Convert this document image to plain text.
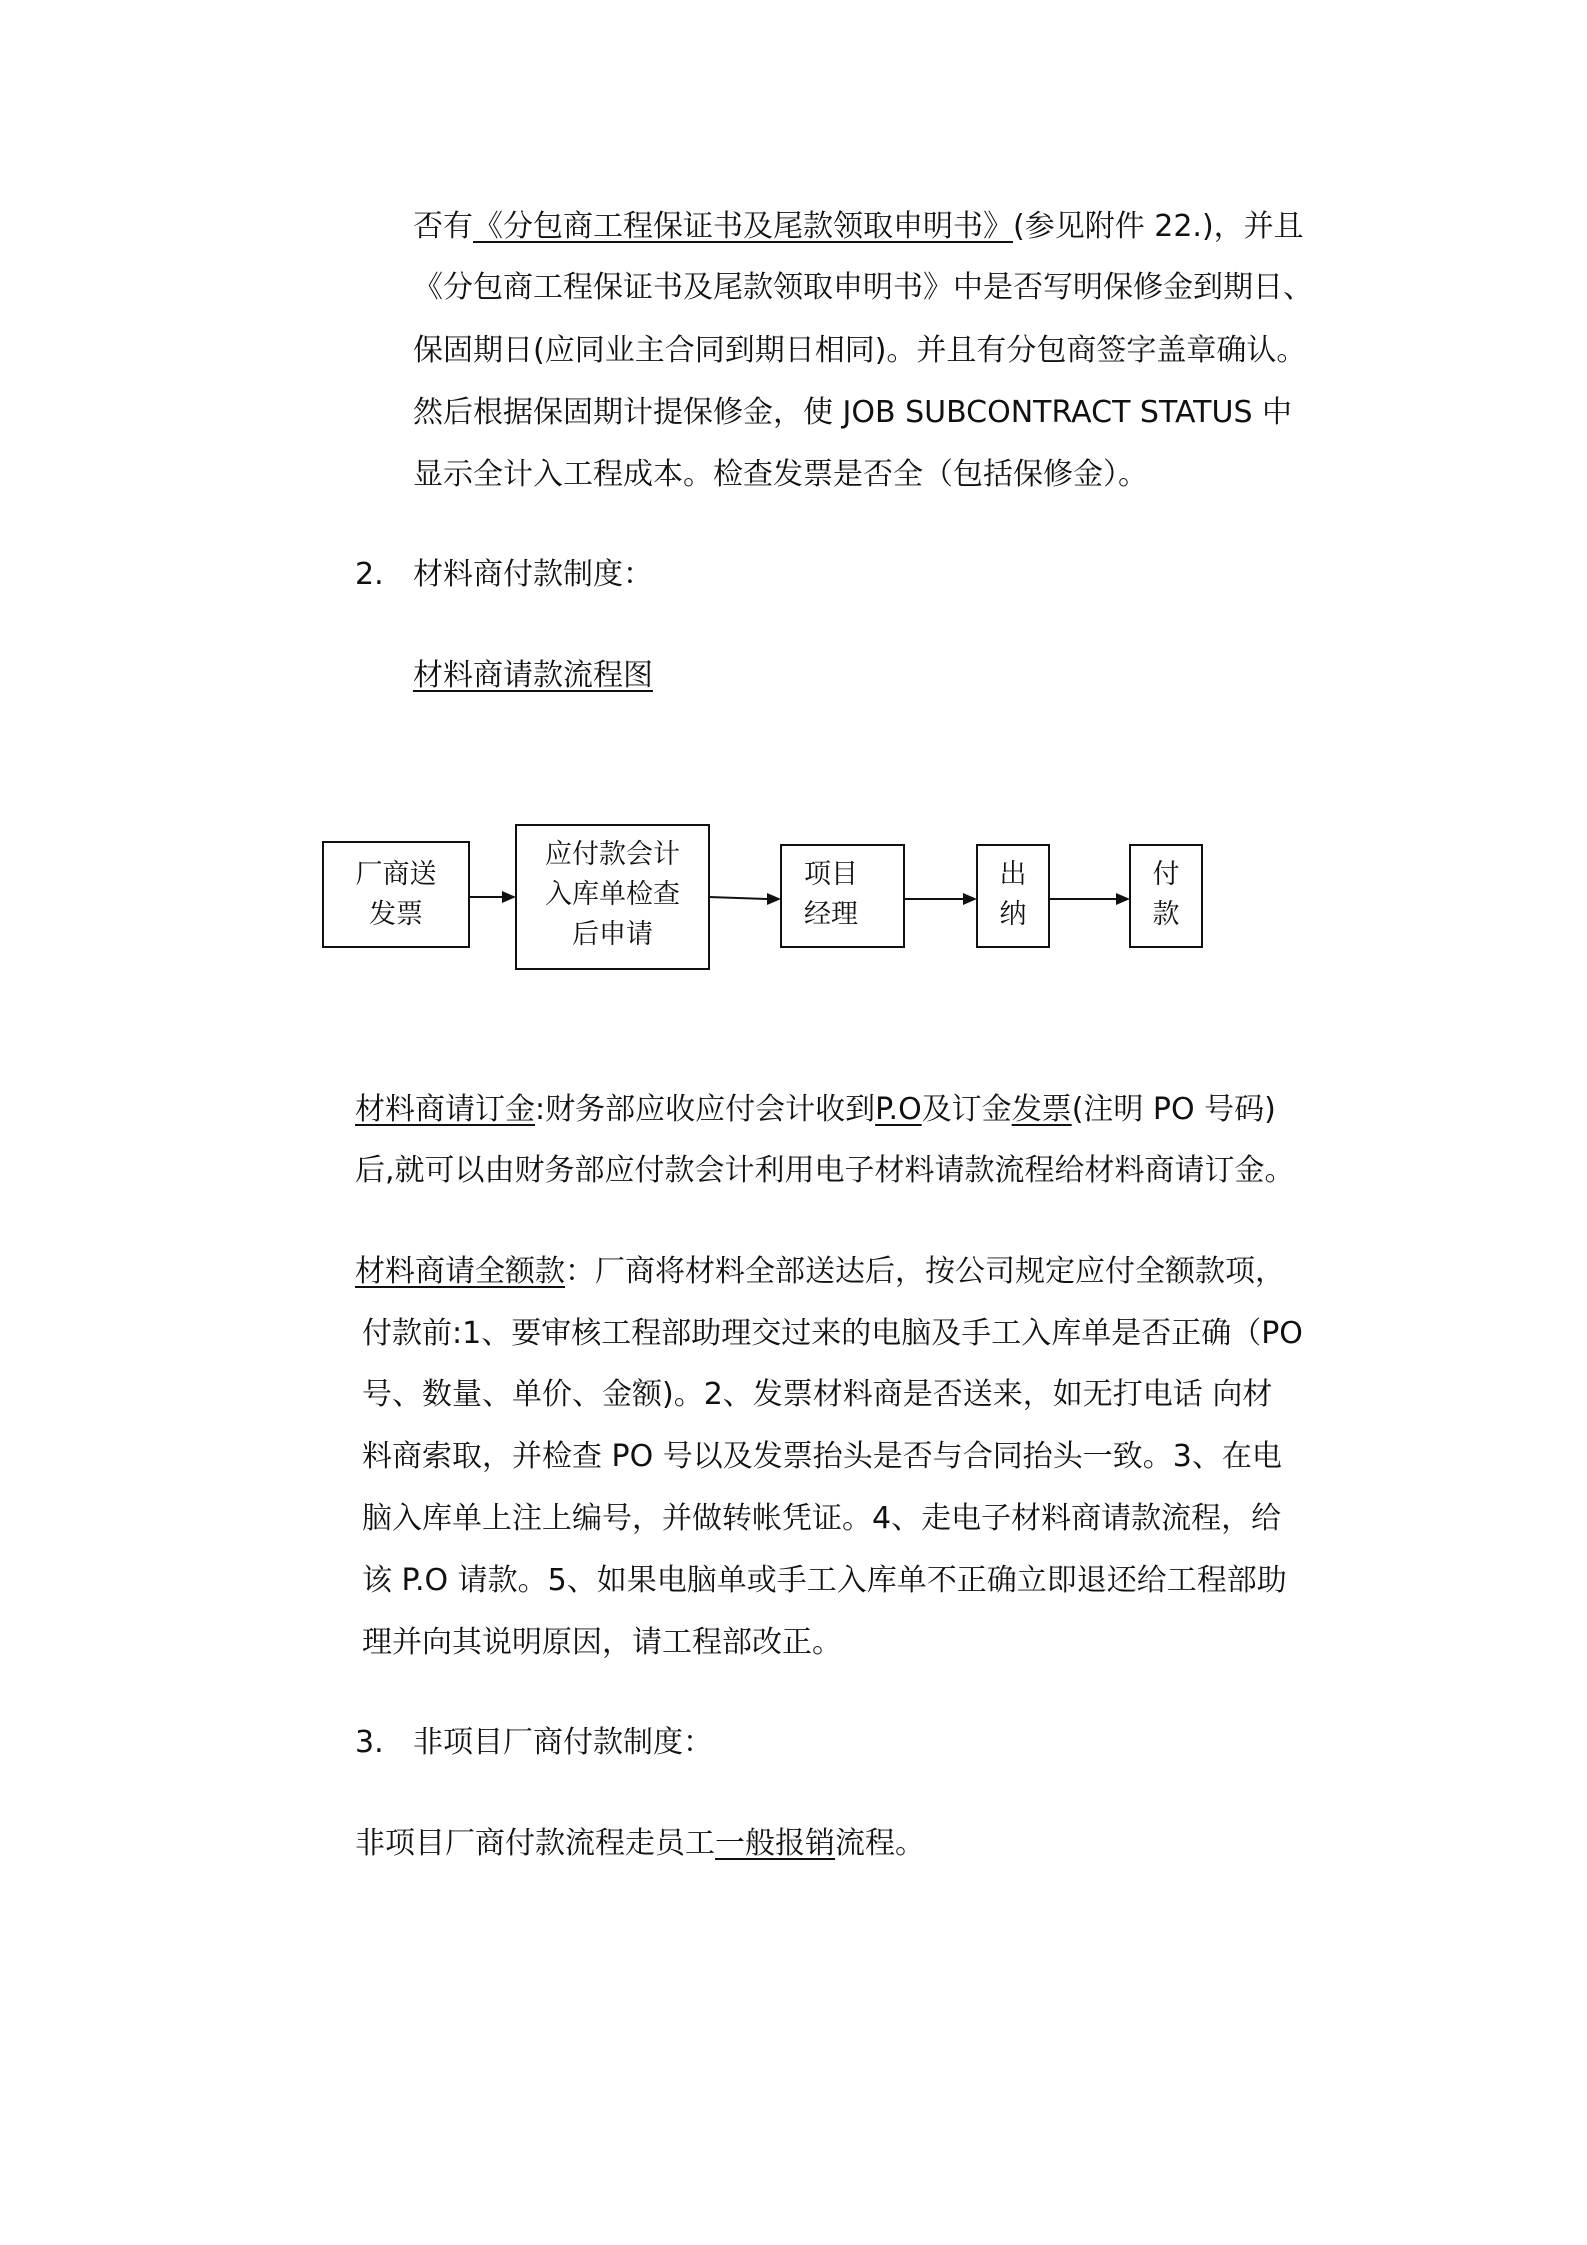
否有《分包商工程保证书及尾款领取申明书》(参见附件 22.)，并且
《分包商工程保证书及尾款领取申明书》中是否写明保修金到期日、
保固期日(应同业主合同到期日相同)。并且有分包商签字盖章确认。
然后根据保固期计提保修金，使 JOB SUBCONTRACT STATUS 中
显示全计入工程成本。检查发票是否全（包括保修金）。
2. 材料商付款制度：
材料商请款流程图
厂商送
发票
应付款会计
入库单检查
后申请
项目
经理
出
纳
付
款
材料商请订金:财务部应收应付会计收到P.O及订金发票(注明 PO 号码)
后,就可以由财务部应付款会计利用电子材料请款流程给材料商请订金。
材料商请全额款：厂商将材料全部送达后，按公司规定应付全额款项，
付款前:1、要审核工程部助理交过来的电脑及手工入库单是否正确（PO
号、数量、单价、金额)。2、发票材料商是否送来，如无打电话 向材
料商索取，并检查 PO 号以及发票抬头是否与合同抬头一致。3、在电
脑入库单上注上编号，并做转帐凭证。4、走电子材料商请款流程，给
该 P.O 请款。5、如果电脑单或手工入库单不正确立即退还给工程部助
理并向其说明原因，请工程部改正。
3. 非项目厂商付款制度：
非项目厂商付款流程走员工一般报销流程。
